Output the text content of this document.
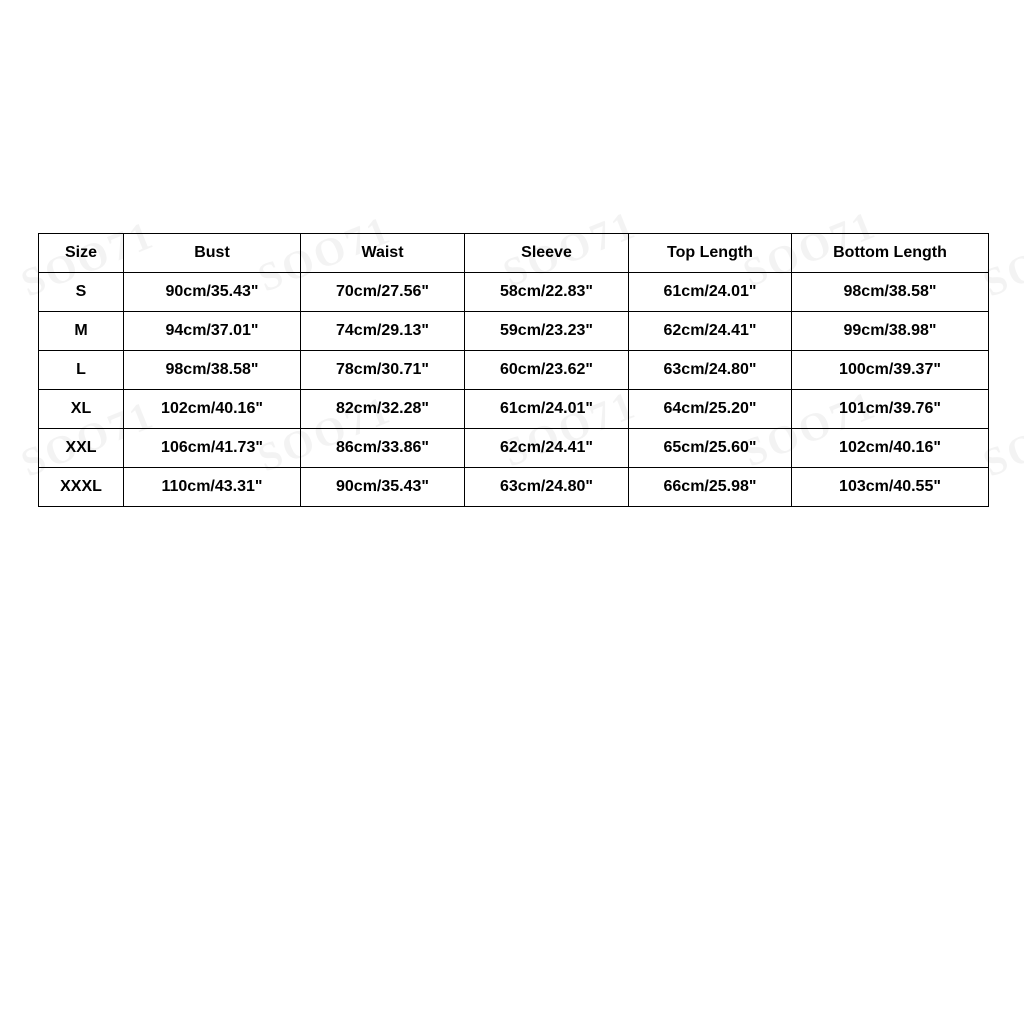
Size	Bust	Waist	Sleeve	Top Length	Bottom Length
S	90cm/35.43"	70cm/27.56"	58cm/22.83"	61cm/24.01"	98cm/38.58"
M	94cm/37.01"	74cm/29.13"	59cm/23.23"	62cm/24.41"	99cm/38.98"
L	98cm/38.58"	78cm/30.71"	60cm/23.62"	63cm/24.80"	100cm/39.37"
XL	102cm/40.16"	82cm/32.28"	61cm/24.01"	64cm/25.20"	101cm/39.76"
XXL	106cm/41.73"	86cm/33.86"	62cm/24.41"	65cm/25.60"	102cm/40.16"
XXXL	110cm/43.31"	90cm/35.43"	63cm/24.80"	66cm/25.98"	103cm/40.55"
